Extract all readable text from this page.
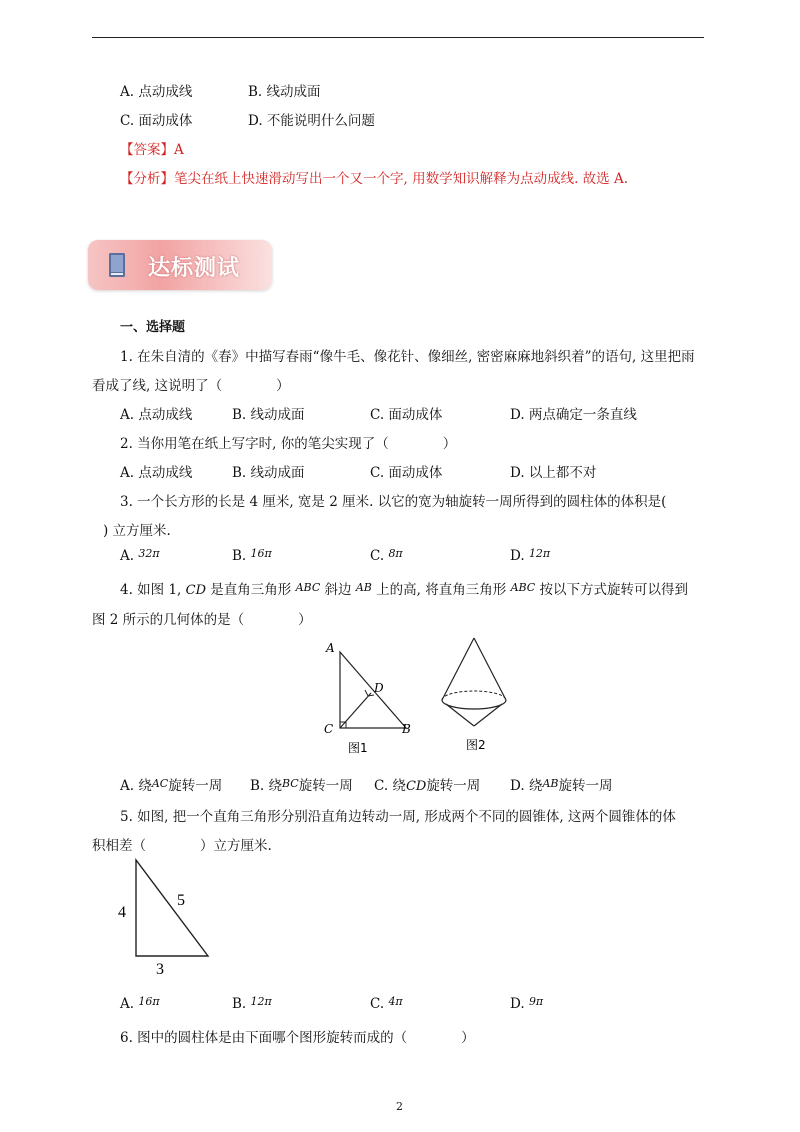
A. 点动成线	B. 线动成面
C. 面动成体	D. 不能说明什么问题
【答案】A
【分析】笔尖在纸上快速滑动写出一个又一个字, 用数学知识解释为点动成线. 故选 A.
达标测试
一、选择题
1. 在朱自清的《春》中描写春雨“像牛毛、像花针、像细丝, 密密麻麻地斜织着”的语句, 这里把雨
看成了线, 这说明了（　　　　）
A. 点动成线	B. 线动成面	C. 面动成体	D. 两点确定一条直线
2. 当你用笔在纸上写字时, 你的笔尖实现了（　　　　）
A. 点动成线	B. 线动成面	C. 面动成体	D. 以上都不对
3. 一个长方形的长是 4 厘米, 宽是 2 厘米. 以它的宽为轴旋转一周所得到的圆柱体的体积是(
) 立方厘米.
A. $^{32\pi}$	B. $^{16\pi}$	C. $^{8\pi}$	D. $^{12\pi}$
4. 如图 1, CD 是直角三角形 $^{ABC}$ 斜边 $^{AB}$ 上的高, 将直角三角形 $^{ABC}$ 按以下方式旋转可以得到
图 2 所示的几何体的是（　　　　）
A
D
C	B
图1	图2
A. 绕$^{AC}$旋转一周 B. 绕$^{BC}$旋转一周 C. 绕CD旋转一周 D. 绕$^{AB}$旋转一周
5. 如图, 把一个直角三角形分别沿直角边转动一周, 形成两个不同的圆锥体, 这两个圆锥体的体
积相差（　　　　）立方厘米.
4
5
3
A. $^{16\pi}$	B. $^{12\pi}$	C. $^{4\pi}$	D. $^{9\pi}$
6. 图中的圆柱体是由下面哪个图形旋转而成的（　　　　）
2
